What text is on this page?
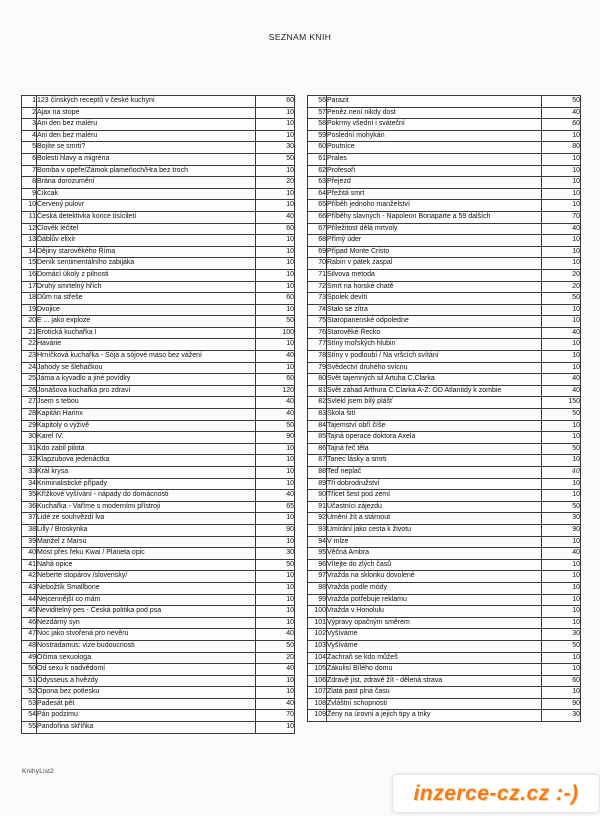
SEZNAM KNIH
1	123 čínských receptů v české kuchyni	60
2	Ajax na stope	10
3	Ani den bez maléru	10
4	Ani den bez maléru	10
5	Bojíte se smrti?	30
6	Bolesti hlavy a migréna	50
7	Bomba v opeře/Zámok plameňoch/Hra bez troch	10
8	Brána dorozumění	20
9	Cikcak	10
10	Červený pulovr	10
11	Česká detektivka konce tisíciletí	40
12	Člověk léčitel	60
13	Ďáblův elixír	10
14	Dějiny starověkého Říma	10
15	Deník sentimentálního zabijáka	10
16	Domácí úkoly z pilnosti	10
17	Druhý smrtelný hřích	10
18	Dům na střeše	60
19	Dvojice	10
20	E ... jako exploze	50
21	Erotická kuchařka I	100
22	Havárie	10
23	Hrníčková kuchařka - Sója a sójové maso bez vážení	40
24	Jahody se šlehačkou	10
25	Jáma a kyvadlo a jiné povídky	60
26	Jonášova kuchařka pro zdraví	120
27	Jsem s tebou	40
28	Kapitán Harinx	40
29	Kapitoly o výživě	50
30	Karel IV.	90
31	Kdo zabil pilota	10
32	Klapzubova jedenáctka	10
33	Král krysa	10
34	Kriminalistické případy	10
35	Křížkové vyšívání - nápady do domácnosti	40
36	Kuchařka - Vaříme s moderními přístroji	65
37	Lidé ze souhvězdí lva	10
38	Lilly / Broskynka	90
39	Manžel z Marsu	10
40	Most přes řeku Kwai / Planeta opic	30
41	Nahá opice	50
42	Neberte stopárov /slovensky/	10
43	Nebožtík Smallbone	10
44	Nejcennější co mám	10
45	Neviditelný pes - Česká politika pod psa	10
46	Nezdárný syn	10
47	Noc jako stvořená pro nevěru	40
48	Nostradamus: vize budoucnosti	50
49	Očima sexuologa	20
50	Od sexu k nadvědomí	40
51	Odysseus a hvězdy	10
52	Opona bez potlesku	10
53	Padesát pět	40
54	Pán podzimu	70
55	Pandořina skříňka	10
56	Parazit	50
57	Peněz není nikdy dost	40
58	Pokrmy všední i sváteční	60
59	Poslední mohykán	10
60	Poutníce	80
61	Prales	10
62	Profesoři	10
63	Přejezd	10
64	Přežitá smrt	10
65	Příběh jednoho manželství	10
66	Příběhy slavných - Napoleon Bonaparte a 59 dalších	70
67	Příležitost dělá mrtvoly	40
68	Přímý úder	10
69	Případ Monte Cristo	10
70	Rabín v pátek zaspal	10
71	Silvova metoda	20
72	Smrt na horské chatě	20
73	Spolek devíti	50
74	Stalo se zítra	10
75	Staropanenské odpoledne	10
76	Starověké Řecko	40
77	Stíny mořských hlubin	10
78	Stíny v podloubí / Na vršcích svítání	10
79	Svědectví druhého svícnu	10
80	Svět tajemných sil Artuha C.Clarka	40
81	Svět záhad Arthura C.Clarka A-Z: OD Atlantidy k zombie	40
82	Svlékl jsem bílý plášť	150
83	Škola šití	50
84	Tajemství obří číše	10
85	Tajná operace doktora Axela	10
86	Tajná řeč těla	50
87	Tanec lásky a smrti	10
88	Teď neplač	40
89	Tři dobrodružství	10
90	Třicet šest pod zemí	10
91	Účastníci zájezdu	50
92	Umění žít a stárnout	30
93	Umírání jako cesta k životu	90
94	V mlze	10
95	Věčná Ambra	40
96	Vítejte do zlých časů	10
97	Vražda na sklonku dovolené	10
98	Vražda podle módy	10
99	Vražda potřebuje reklamu	10
100	Vražda v Honolulu	10
101	Výpravy opačným směrem	10
102	Vyšíváme	30
103	Vyšíváme	50
104	Zachraň se kdo můžeš	10
105	Zákulisí Bílého domu	10
106	Zdravě jíst, zdravě žít - dělená strava	60
107	Zlatá past plná času	10
108	Zvláštní schopnosti	90
109	Ženy na úrovni a jejich tipy a triky	30
KnihyList2
inzerce-cz.cz :-)
